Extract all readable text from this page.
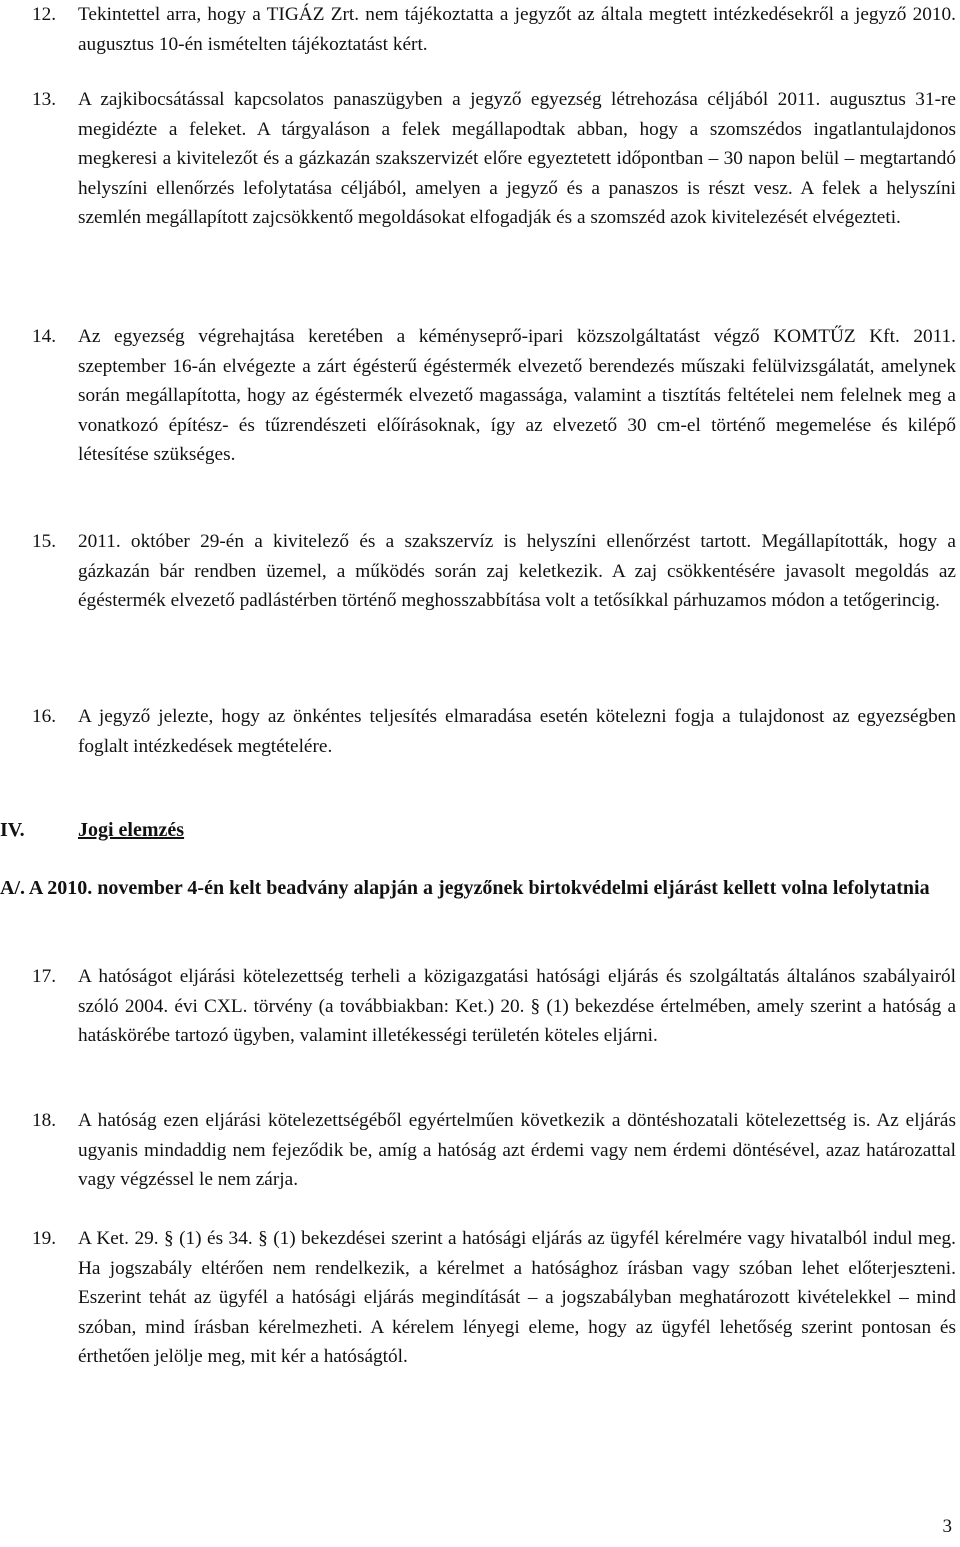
12.	Tekintettel arra, hogy a TIGÁZ Zrt. nem tájékoztatta a jegyzőt az általa megtett intézkedésekről a jegyző 2010. augusztus 10-én ismételten tájékoztatást kért.
13.	A zajkibocsátással kapcsolatos panaszügyben a jegyző egyezség létrehozása céljából 2011. augusztus 31-re megidézte a feleket. A tárgyaláson a felek megállapodtak abban, hogy a szomszédos ingatlantulajdonos megkeresi a kivitelezőt és a gázkazán szakszervizét előre egyeztetett időpontban – 30 napon belül – megtartandó helyszíni ellenőrzés lefolytatása céljából, amelyen a jegyző és a panaszos is részt vesz. A felek a helyszíni szemlén megállapított zajcsökkentő megoldásokat elfogadják és a szomszéd azok kivitelezését elvégezteti.
14.	Az egyezség végrehajtása keretében a kéményseprő-ipari közszolgáltatást végző KOMTŰZ Kft. 2011. szeptember 16-án elvégezte a zárt égésterű égéstermék elvezető berendezés műszaki felülvizsgálatát, amelynek során megállapította, hogy az égéstermék elvezető magassága, valamint a tisztítás feltételei nem felelnek meg a vonatkozó építész- és tűzrendészeti előírásoknak, így az elvezető 30 cm-el történő megemelése és kilépő létesítése szükséges.
15.	2011. október 29-én a kivitelező és a szakszervíz is helyszíni ellenőrzést tartott. Megállapították, hogy a gázkazán bár rendben üzemel, a működés során zaj keletkezik. A zaj csökkentésére javasolt megoldás az égéstermék elvezető padlástérben történő meghosszabbítása volt a tetősíkkal párhuzamos módon a tetőgerincig.
16.	A jegyző jelezte, hogy az önkéntes teljesítés elmaradása esetén kötelezni fogja a tulajdonost az egyezségben foglalt intézkedések megtételére.
IV.	Jogi elemzés
A/. A 2010. november 4-én kelt beadvány alapján a jegyzőnek birtokvédelmi eljárást kellett volna lefolytatnia
17.	A hatóságot eljárási kötelezettség terheli a közigazgatási hatósági eljárás és szolgáltatás általános szabályairól szóló 2004. évi CXL. törvény (a továbbiakban: Ket.) 20. § (1) bekezdése értelmében, amely szerint a hatóság a hatáskörébe tartozó ügyben, valamint illetékességi területén köteles eljárni.
18.	A hatóság ezen eljárási kötelezettségéből egyértelműen következik a döntéshozatali kötelezettség is. Az eljárás ugyanis mindaddig nem fejeződik be, amíg a hatóság azt érdemi vagy nem érdemi döntésével, azaz határozattal vagy végzéssel le nem zárja.
19.	A Ket. 29. § (1) és 34. § (1) bekezdései szerint a hatósági eljárás az ügyfél kérelmére vagy hivatalból indul meg. Ha jogszabály eltérően nem rendelkezik, a kérelmet a hatósághoz írásban vagy szóban lehet előterjeszteni. Eszerint tehát az ügyfél a hatósági eljárás megindítását – a jogszabályban meghatározott kivételekkel – mind szóban, mind írásban kérelmezheti. A kérelem lényegi eleme, hogy az ügyfél lehetőség szerint pontosan és érthetően jelölje meg, mit kér a hatóságtól.
3
